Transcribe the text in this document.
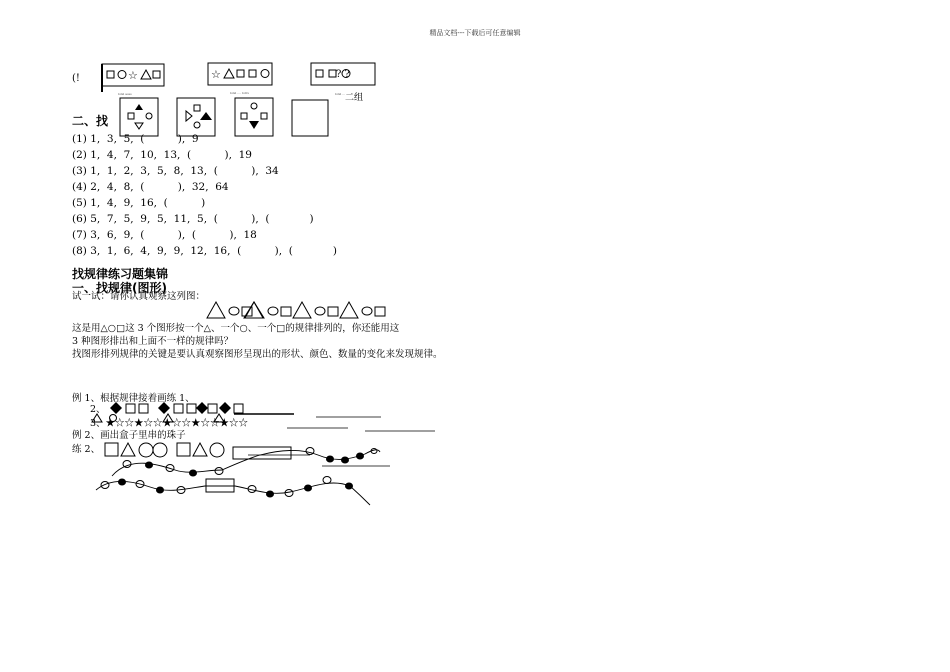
精品文档---下载后可任意编辑
(!	☆
bdsl asss
☆
bdsl .... bdrs	bdsl ...
? ?
二组
二、找
(1) 1,  3,  5,  (          ),  9
(2) 1,  4,  7,  10,  13,  (          ),  19
(3) 1,  1,  2,  3,  5,  8,  13,  (          ),  34
(4) 2,  4,  8,  (          ),  32,  64
(5) 1,  4,  9,  16,  (          )
(6) 5,  7,  5,  9,  5,  11,  5,  (          ),  (            )
(7) 3,  6,  9,  (          ),  (          ),  18
(8) 3,  1,  6,  4,  9,  9,  12,  16,  (          ),  (            )
找规律练习题集锦
一、找规律(图形)
试一试：请你认真观察这列图：
这是用△○□这 3 个图形按一个△、一个○、一个□的规律排列的，你还能用这
3 种图形排出和上面不一样的规律吗？
找图形排列规律的关键是要认真观察图形呈现出的形状、颜色、数量的变化来发现规律。
例 1、根据规律接着画练 1、
2、
3、★☆☆★☆☆★☆☆★☆☆★☆☆
例 2、画出盒子里串的珠子
练 2、
